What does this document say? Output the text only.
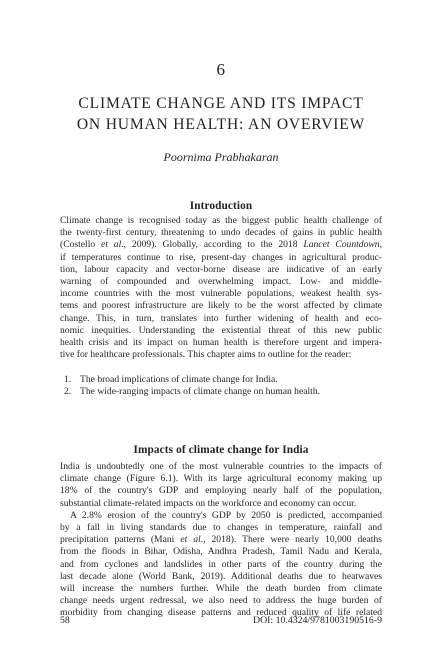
6
CLIMATE CHANGE AND ITS IMPACT
ON HUMAN HEALTH: AN OVERVIEW
Poornima Prabhakaran
Introduction
Climate change is recognised today as the biggest public health challenge of
the twenty-first century, threatening to undo decades of gains in public health
(Costello et al., 2009). Globally, according to the 2018 Lancet Countdown,
if temperatures continue to rise, present-day changes in agricultural produc-
tion, labour capacity and vector-borne disease are indicative of an early
warning of compounded and overwhelming impact. Low- and middle-
income countries with the most vulnerable populations, weakest health sys-
tems and poorest infrastructure are likely to be the worst affected by climate
change. This, in turn, translates into further widening of health and eco-
nomic inequities. Understanding the existential threat of this new public
health crisis and its impact on human health is therefore urgent and impera-
tive for healthcare professionals. This chapter aims to outline for the reader:
1. The broad implications of climate change for India.
2. The wide-ranging impacts of climate change on human health.
Impacts of climate change for India
India is undoubtedly one of the most vulnerable countries to the impacts of
climate change (Figure 6.1). With its large agricultural economy making up
18% of the country's GDP and employing nearly half of the population,
substantial climate-related impacts on the workforce and economy can occur.
A 2.8% erosion of the country's GDP by 2050 is predicted, accompanied
by a fall in living standards due to changes in temperature, rainfall and
precipitation patterns (Mani et al., 2018). There were nearly 10,000 deaths
from the floods in Bihar, Odisha, Andhra Pradesh, Tamil Nadu and Kerala,
and from cyclones and landslides in other parts of the country during the
last decade alone (World Bank, 2019). Additional deaths due to heatwaves
will increase the numbers further. While the death burden from climate
change needs urgent redressal, we also need to address the huge burden of
morbidity from changing disease patterns and reduced quality of life related
58	DOI: 10.4324/9781003190516-9
